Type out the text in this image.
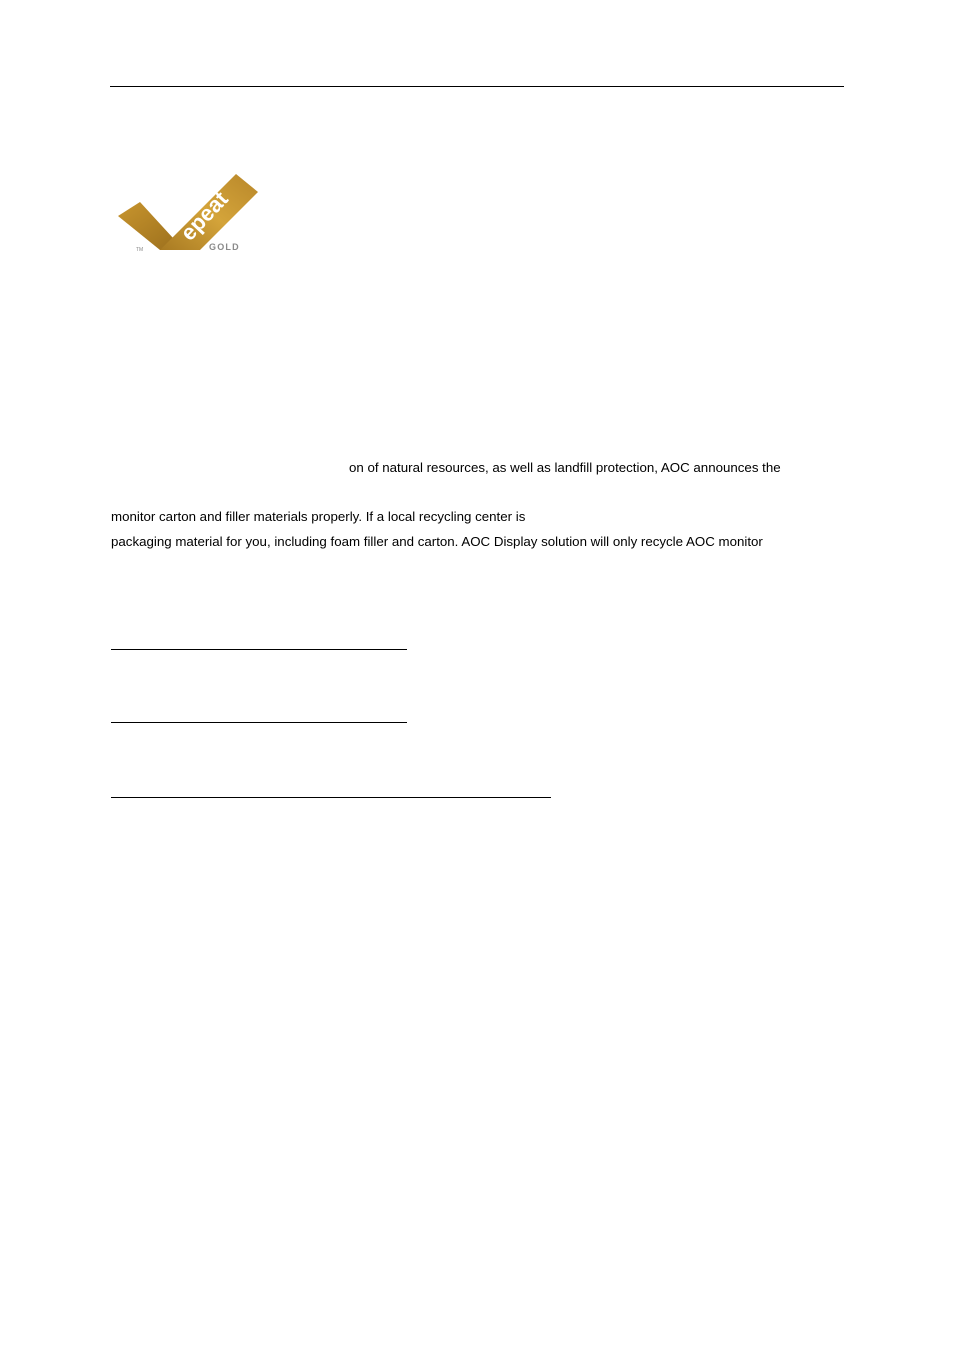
epeat
TM	GOLD
on of natural resources, as well as landfill protection, AOC announces the
monitor carton and filler materials properly. If a local recycling center is
packaging material for you, including foam filler and carton. AOC Display solution will only recycle AOC monitor
